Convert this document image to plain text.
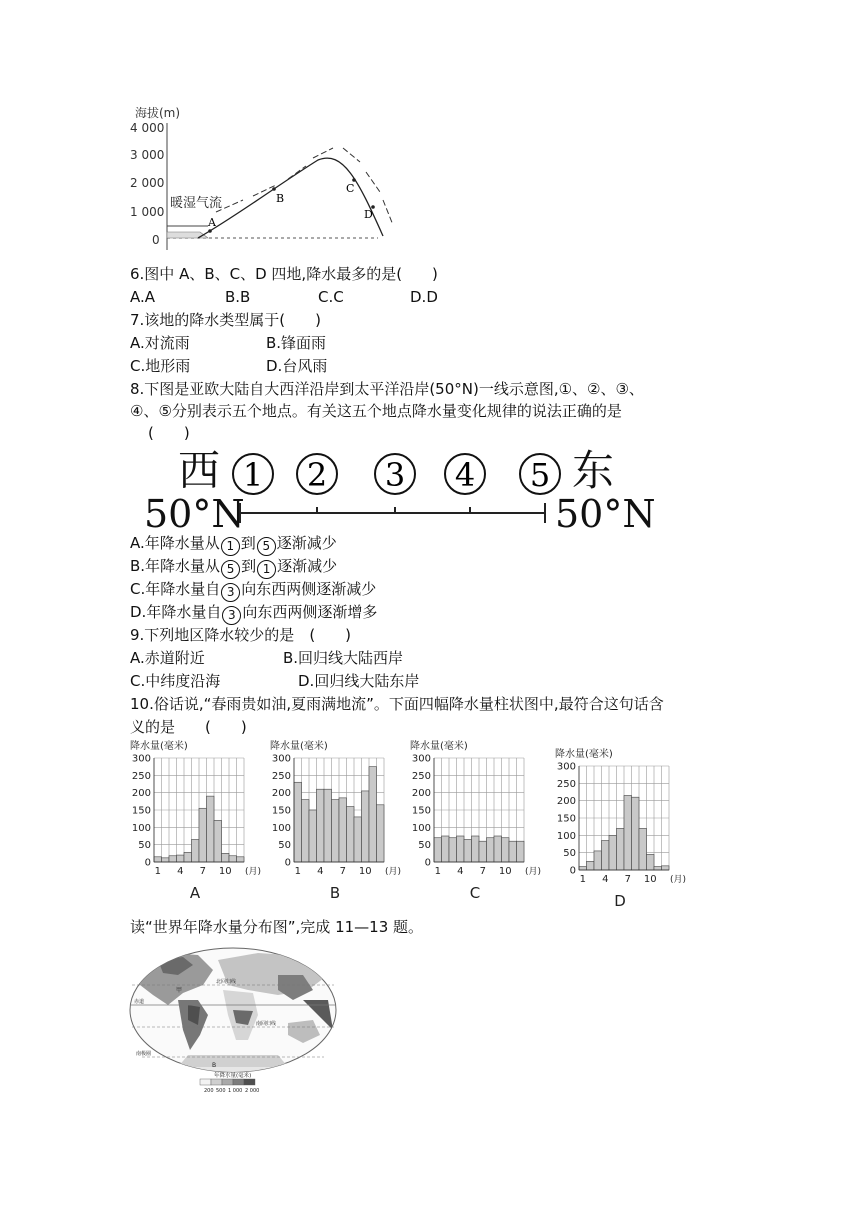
海拔(m)
4 000
3 000
2 000
1 000
0
暖湿气流
A
B
C
D
6.图中 A、B、C、D 四地,降水最多的是(　　)
A.A	B.B	C.C	D.D
7.该地的降水类型属于(　　)
A.对流雨	B.锋面雨
C.地形雨	D.台风雨
8.下图是亚欧大陆自大西洋沿岸到太平洋沿岸(50°N)一线示意图,①、②、③、
④、⑤分别表示五个地点。有关这五个地点降水量变化规律的说法正确的是
(　　)
西	东
50°N	50°N
1 2 3 4 5
A.年降水量从 1 到 5 逐渐减少
B.年降水量从 5 到 1 逐渐减少
C.年降水量自 3 向东西两侧逐渐减少
D.年降水量自 3 向东西两侧逐渐增多
9.下列地区降水较少的是　(　　)
A.赤道附近	B.回归线大陆西岸
C.中纬度沿海	D.回归线大陆东岸
10.俗话说,“春雨贵如油,夏雨满地流”。下面四幅降水量柱状图中,最符合这句话含
义的是　　(　　)
降水量(毫米)
0
50
100
150
200
250
300
1 4 7 10 (月)
A
降水量(毫米)
0
50
100
150
200
250
300
1 4 7 10 (月)
B
降水量(毫米)
0
50
100
150
200
250
300
1 4 7 10 (月)
C
降水量(毫米)
0
50
100
150
200
250
300
1 4 7 10 (月)
D
读“世界年降水量分布图”,完成 11—13 题。
甲
北回归线
赤道
南回归线
南极圈
B
年降水量(毫米)
200 500 1 000 2 000
